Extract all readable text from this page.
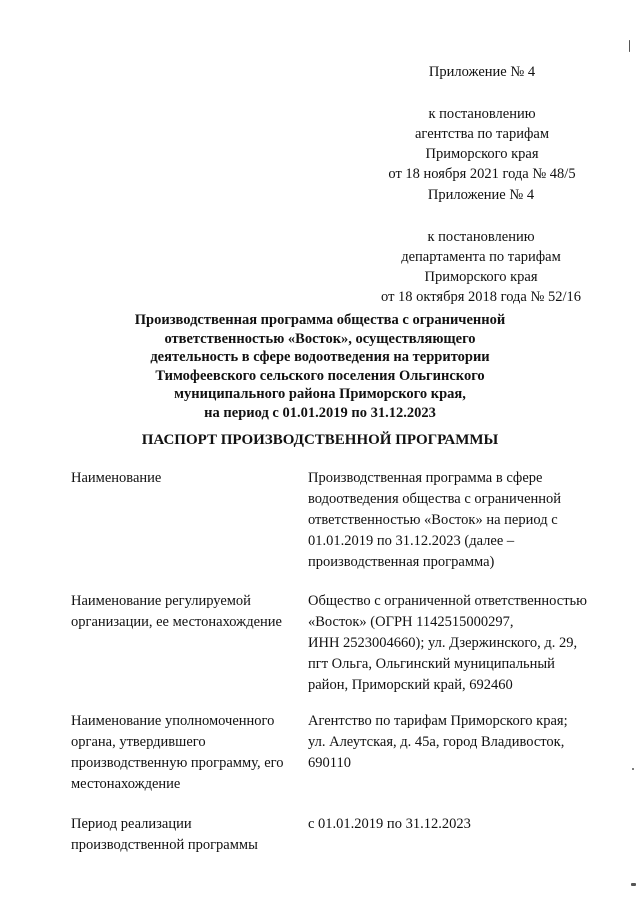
Приложение № 4
к постановлению
агентства по тарифам
Приморского края
от 18 ноября 2021 года № 48/5
Приложение № 4
к постановлению
департамента по тарифам
Приморского края
от 18 октября 2018 года № 52/16
Производственная программа общества с ограниченной
ответственностью «Восток», осуществляющего
деятельность в сфере водоотведения на территории
Тимофеевского сельского поселения Ольгинского
муниципального района Приморского края,
на период с 01.01.2019 по 31.12.2023
ПАСПОРТ ПРОИЗВОДСТВЕННОЙ ПРОГРАММЫ
Наименование	Производственная программа в сфере
водоотведения общества с ограниченной
ответственностью «Восток» на период с
01.01.2019 по 31.12.2023 (далее –
производственная программа)
Наименование регулируемой
организации, ее местонахождение
Общество с ограниченной ответственностью
«Восток» (ОГРН 1142515000297,
ИНН 2523004660); ул. Дзержинского, д. 29,
пгт Ольга, Ольгинский муниципальный
район, Приморский край, 692460
Наименование уполномоченного
органа, утвердившего
производственную программу, его
местонахождение
Агентство по тарифам Приморского края;
ул. Алеутская, д. 45а, город Владивосток,
690110
Период реализации
производственной программы
с 01.01.2019 по 31.12.2023
